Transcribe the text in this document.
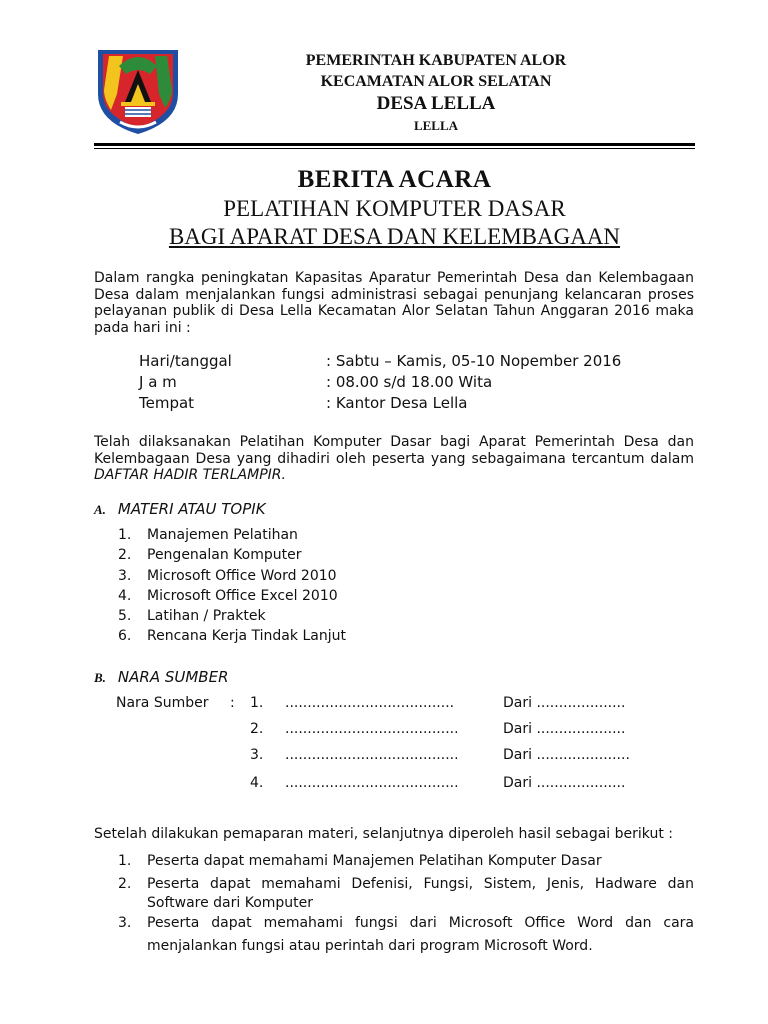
PEMERINTAH KABUPATEN ALOR
KECAMATAN ALOR SELATAN
DESA LELLA
LELLA
BERITA ACARA
PELATIHAN KOMPUTER DASAR
BAGI APARAT DESA DAN KELEMBAGAAN
Dalam rangka peningkatan Kapasitas Aparatur Pemerintah Desa dan Kelembagaan
Desa dalam menjalankan fungsi administrasi sebagai penunjang kelancaran proses
pelayanan publik di Desa Lella Kecamatan Alor Selatan Tahun Anggaran 2016 maka
pada hari ini :
Hari/tanggal	: Sabtu – Kamis, 05-10 Nopember 2016
J a m	: 08.00 s/d 18.00 Wita
Tempat	: Kantor Desa Lella
Telah dilaksanakan Pelatihan Komputer Dasar bagi Aparat Pemerintah Desa dan
Kelembagaan Desa yang dihadiri oleh peserta yang sebagaimana tercantum dalam
DAFTAR HADIR TERLAMPIR.
A. MATERI ATAU TOPIK
1. Manajemen Pelatihan
2. Pengenalan Komputer
3. Microsoft Office Word 2010
4. Microsoft Office Excel 2010
5. Latihan / Praktek
6. Rencana Kerja Tindak Lanjut
B. NARA SUMBER
Nara Sumber : 1. ......................................	Dari ....................
2. .......................................	Dari ....................
3. .......................................	Dari .....................
4. .......................................	Dari ....................
Setelah dilakukan pemaparan materi, selanjutnya diperoleh hasil sebagai berikut :
1. Peserta dapat memahami Manajemen Pelatihan Komputer Dasar
2. Peserta dapat memahami Defenisi, Fungsi, Sistem, Jenis, Hadware dan
Software dari Komputer
3. Peserta dapat memahami fungsi dari Microsoft Office Word dan cara
menjalankan fungsi atau perintah dari program Microsoft Word.
